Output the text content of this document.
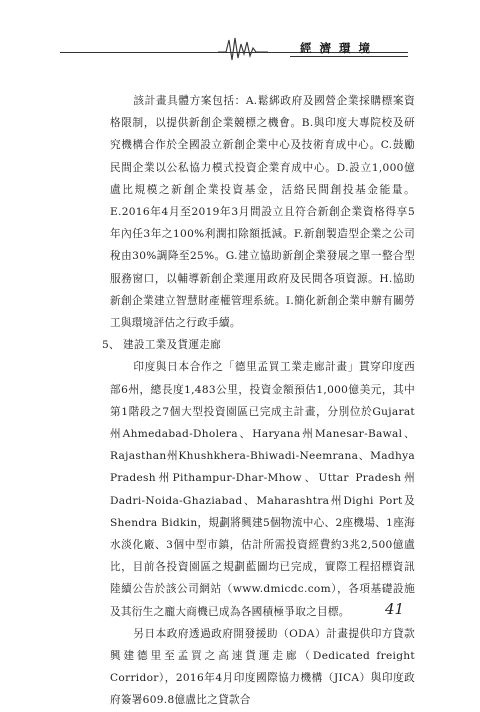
經濟環境

該計畫具體方案包括：A.鬆綁政府及國營企業採購標案資格限制，以提供新創企業競標之機會。B.與印度大專院校及研究機構合作於全國設立新創企業中心及技術育成中心。C.鼓勵民間企業以公私協力模式投資企業育成中心。D.設立1,000億盧比規模之新創企業投資基金，活絡民間創投基金能量。E.2016年4月至2019年3月間設立且符合新創企業資格得享5年內任3年之100%利潤扣除額抵減。F.新創製造型企業之公司稅由30%調降至25%。G.建立協助新創企業發展之單一整合型服務窗口，以輔導新創企業運用政府及民間各項資源。H.協助新創企業建立智慧財產權管理系統。I.簡化新創企業申辦有關勞工與環境評估之行政手續。

5、 建設工業及貨運走廊

印度與日本合作之「德里孟買工業走廊計畫」貫穿印度西部6州，總長度1,483公里，投資金額預估1,000億美元，其中第1階段之7個大型投資園區已完成主計畫，分別位於Gujarat州Ahmedabad-Dholera、Haryana州Manesar-Bawal、Rajasthan州Khushkhera-Bhiwadi-Neemrana、Madhya Pradesh州Pithampur-Dhar-Mhow、Uttar Pradesh州Dadri-Noida-Ghaziabad、Maharashtra州Dighi Port及Shendra Bidkin，規劃將興建5個物流中心、2座機場、1座海水淡化廠、3個中型市鎮，估計所需投資經費約3兆2,500億盧比，目前各投資園區之規劃藍圖均已完成，實際工程招標資訊陸續公告於該公司網站（www.dmicdc.com），各項基礎設施及其衍生之龐大商機已成為各國積極爭取之目標。

另日本政府透過政府開發援助（ODA）計畫提供印方貸款興建德里至孟買之高速貨運走廊（Dedicated freight Corridor），2016年4月印度國際協力機構（JICA）與印度政府簽署609.8億盧比之貸款合

41
